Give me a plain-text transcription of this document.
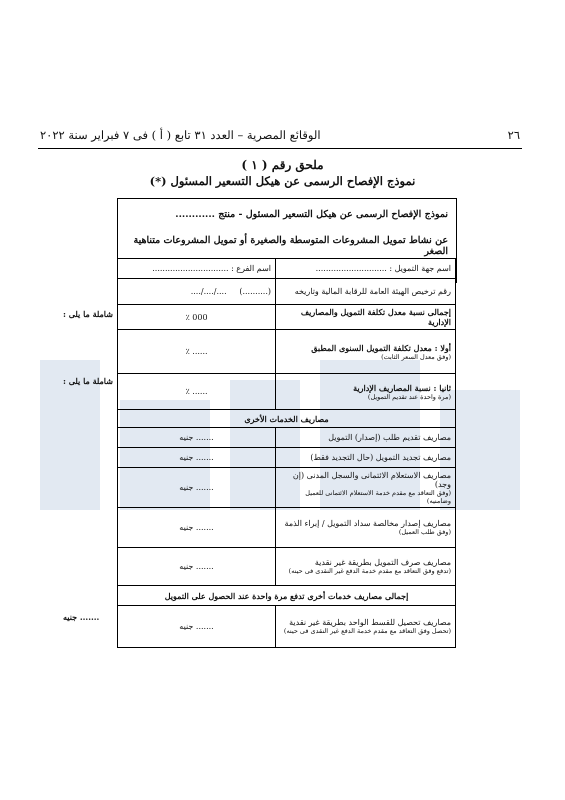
٢٦
الوقائع المصرية – العدد ٣١ تابع ( أ ) فى ٧ فبراير سنة ٢٠٢٢
ملحق رقم ( ١ )
نموذج الإفصاح الرسمى عن هيكل التسعير المسئول (*)
نموذج الإفصاح الرسمى عن هيكل التسعير المسئول - منتج ............
عن نشاط تمويل المشروعات المتوسطة والصغيرة أو تمويل المشروعات متناهية الصغر
اسم جهة التمويل : ............................	اسم الفرع : ..............................
رقم ترخيص الهيئة العامة للرقابة المالية وتاريخه	(..........)     ..../..../....
إجمالى نسبة معدل تكلفة التمويل والمصاريف الإدارية	000 ٪

أولا : معدل تكلفة التمويل السنوى المطبق
(وفق معدل السعر الثابت)	...... ٪

ثانيا : نسبة المصاريف الإدارية
(مرة واحدة عند تقديم التمويل)	...... ٪
مصاريف الخدمات الأخرى	
مصاريف تقديم طلب (إصدار) التمويل	....... جنيه
مصاريف تجديد التمويل (حال التجديد فقط)	....... جنيه

مصاريف الاستعلام الائتمانى والسجل المدنى (إن وجد)
(وفق التعاقد مع مقدم خدمة الاستعلام الائتمانى للعميل وضامنيه)	....... جنيه

مصاريف إصدار مخالصة سداد التمويل / إبراء الذمة
(وفق طلب العميل)	....... جنيه

مصاريف صرف التمويل بطريقة غير نقدية
(تدفع وفق التعاقد مع مقدم خدمة الدفع غير النقدى فى حينه)	....... جنيه
إجمالى مصاريف خدمات أخرى تدفع مرة واحدة عند الحصول على التمويل	

مصاريف تحصيل للقسط الواحد بطريقة غير نقدية
(تحصل وفق التعاقد مع مقدم خدمة الدفع غير النقدى فى حينه)	....... جنيه
شاملة ما يلى :
شاملة ما يلى :
....... جنيه
